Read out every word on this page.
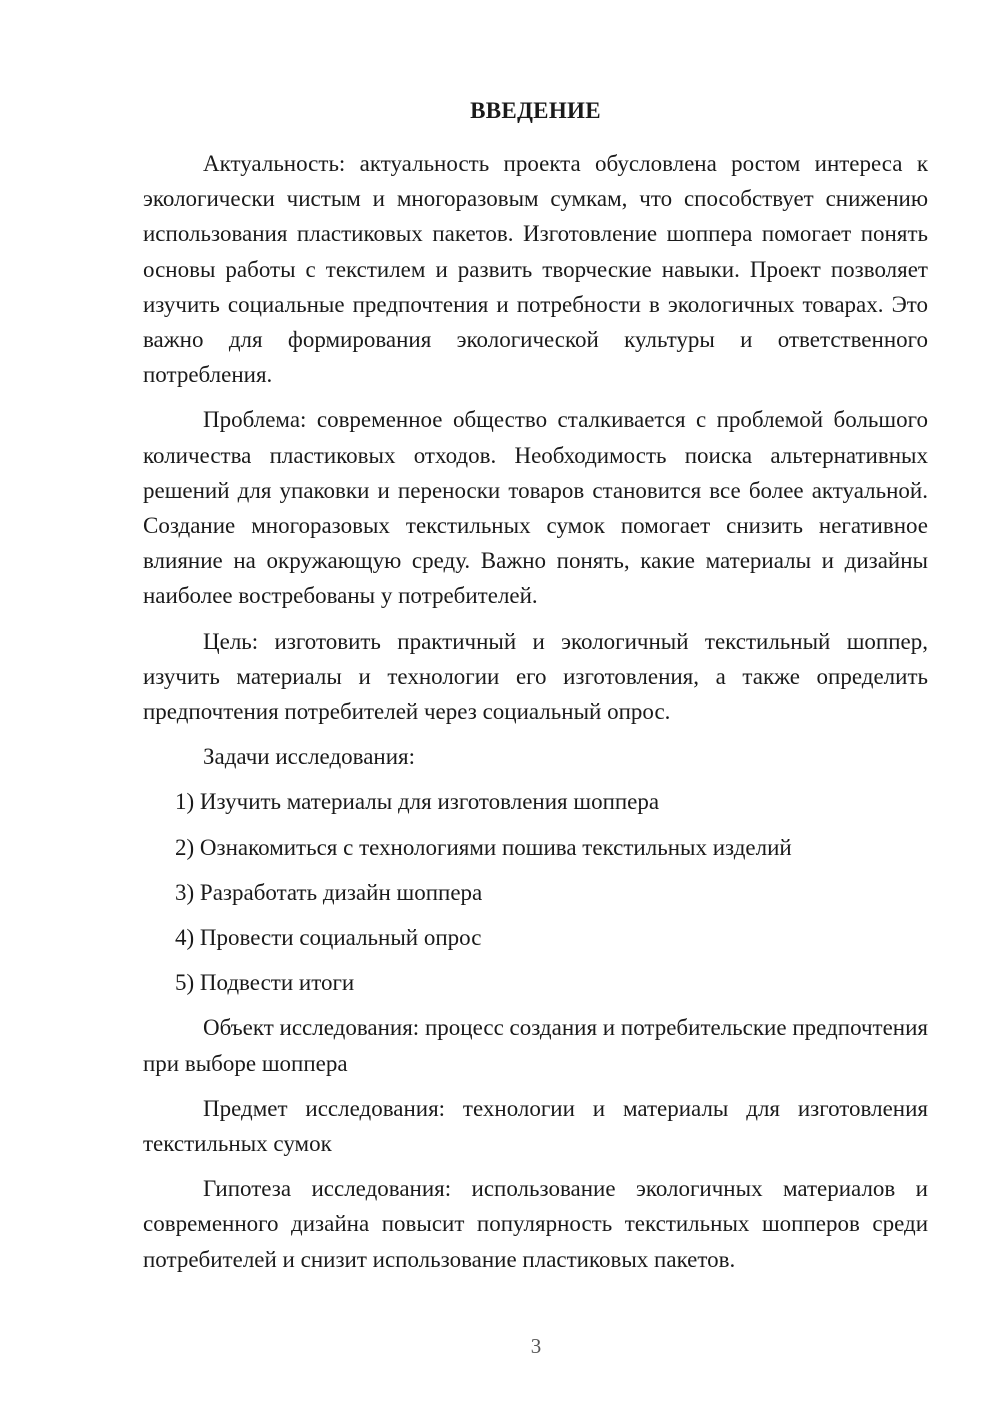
ВВЕДЕНИЕ

Актуальность: актуальность проекта обусловлена ростом интереса к экологически чистым и многоразовым сумкам, что способствует снижению использования пластиковых пакетов. Изготовление шоппера помогает понять основы работы с текстилем и развить творческие навыки. Проект позволяет изучить социальные предпочтения и потребности в экологичных товарах. Это важно для формирования экологической культуры и ответственного потребления.

Проблема: современное общество сталкивается с проблемой большого количества пластиковых отходов. Необходимость поиска альтернативных решений для упаковки и переноски товаров становится все более актуальной. Создание многоразовых текстильных сумок помогает снизить негативное влияние на окружающую среду. Важно понять, какие материалы и дизайны наиболее востребованы у потребителей.

Цель: изготовить практичный и экологичный текстильный шоппер, изучить материалы и технологии его изготовления, а также определить предпочтения потребителей через социальный опрос.

Задачи исследования:

1) Изучить материалы для изготовления шоппера
2) Ознакомиться с технологиями пошива текстильных изделий
3) Разработать дизайн шоппера
4) Провести социальный опрос
5) Подвести итоги

Объект исследования: процесс создания и потребительские предпочтения при выборе шоппера

Предмет исследования: технологии и материалы для изготовления текстильных сумок

Гипотеза исследования: использование экологичных материалов и современного дизайна повысит популярность текстильных шопперов среди потребителей и снизит использование пластиковых пакетов.

3
